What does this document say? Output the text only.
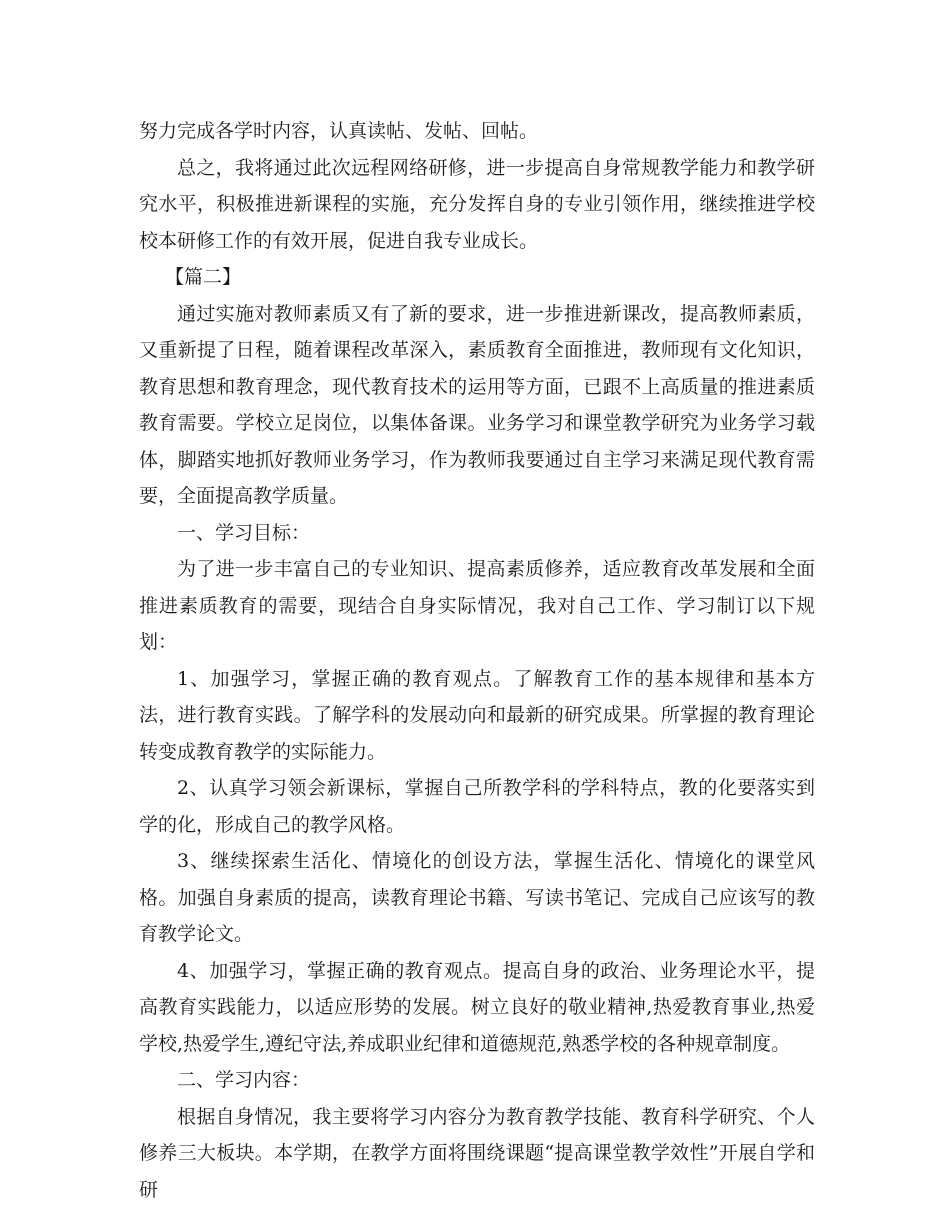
努力完成各学时内容，认真读帖、发帖、回帖。

总之，我将通过此次远程网络研修，进一步提高自身常规教学能力和教学研究水平，积极推进新课程的实施，充分发挥自身的专业引领作用，继续推进学校校本研修工作的有效开展，促进自我专业成长。

【篇二】

通过实施对教师素质又有了新的要求，进一步推进新课改，提高教师素质，又重新提了日程，随着课程改革深入，素质教育全面推进，教师现有文化知识，教育思想和教育理念，现代教育技术的运用等方面，已跟不上高质量的推进素质教育需要。学校立足岗位，以集体备课。业务学习和课堂教学研究为业务学习载体，脚踏实地抓好教师业务学习，作为教师我要通过自主学习来满足现代教育需要，全面提高教学质量。

一、学习目标：

为了进一步丰富自己的专业知识、提高素质修养，适应教育改革发展和全面推进素质教育的需要，现结合自身实际情况，我对自己工作、学习制订以下规划：

1、加强学习，掌握正确的教育观点。了解教育工作的基本规律和基本方法，进行教育实践。了解学科的发展动向和最新的研究成果。所掌握的教育理论转变成教育教学的实际能力。

2、认真学习领会新课标，掌握自己所教学科的学科特点，教的化要落实到学的化，形成自己的教学风格。

3、继续探索生活化、情境化的创设方法，掌握生活化、情境化的课堂风格。加强自身素质的提高，读教育理论书籍、写读书笔记、完成自己应该写的教育教学论文。

4、加强学习，掌握正确的教育观点。提高自身的政治、业务理论水平，提高教育实践能力，以适应形势的发展。树立良好的敬业精神,热爱教育事业,热爱学校,热爱学生,遵纪守法,养成职业纪律和道德规范,熟悉学校的各种规章制度。

二、学习内容：

根据自身情况，我主要将学习内容分为教育教学技能、教育科学研究、个人修养三大板块。本学期，在教学方面将围绕课题“提高课堂教学效性”开展自学和研
